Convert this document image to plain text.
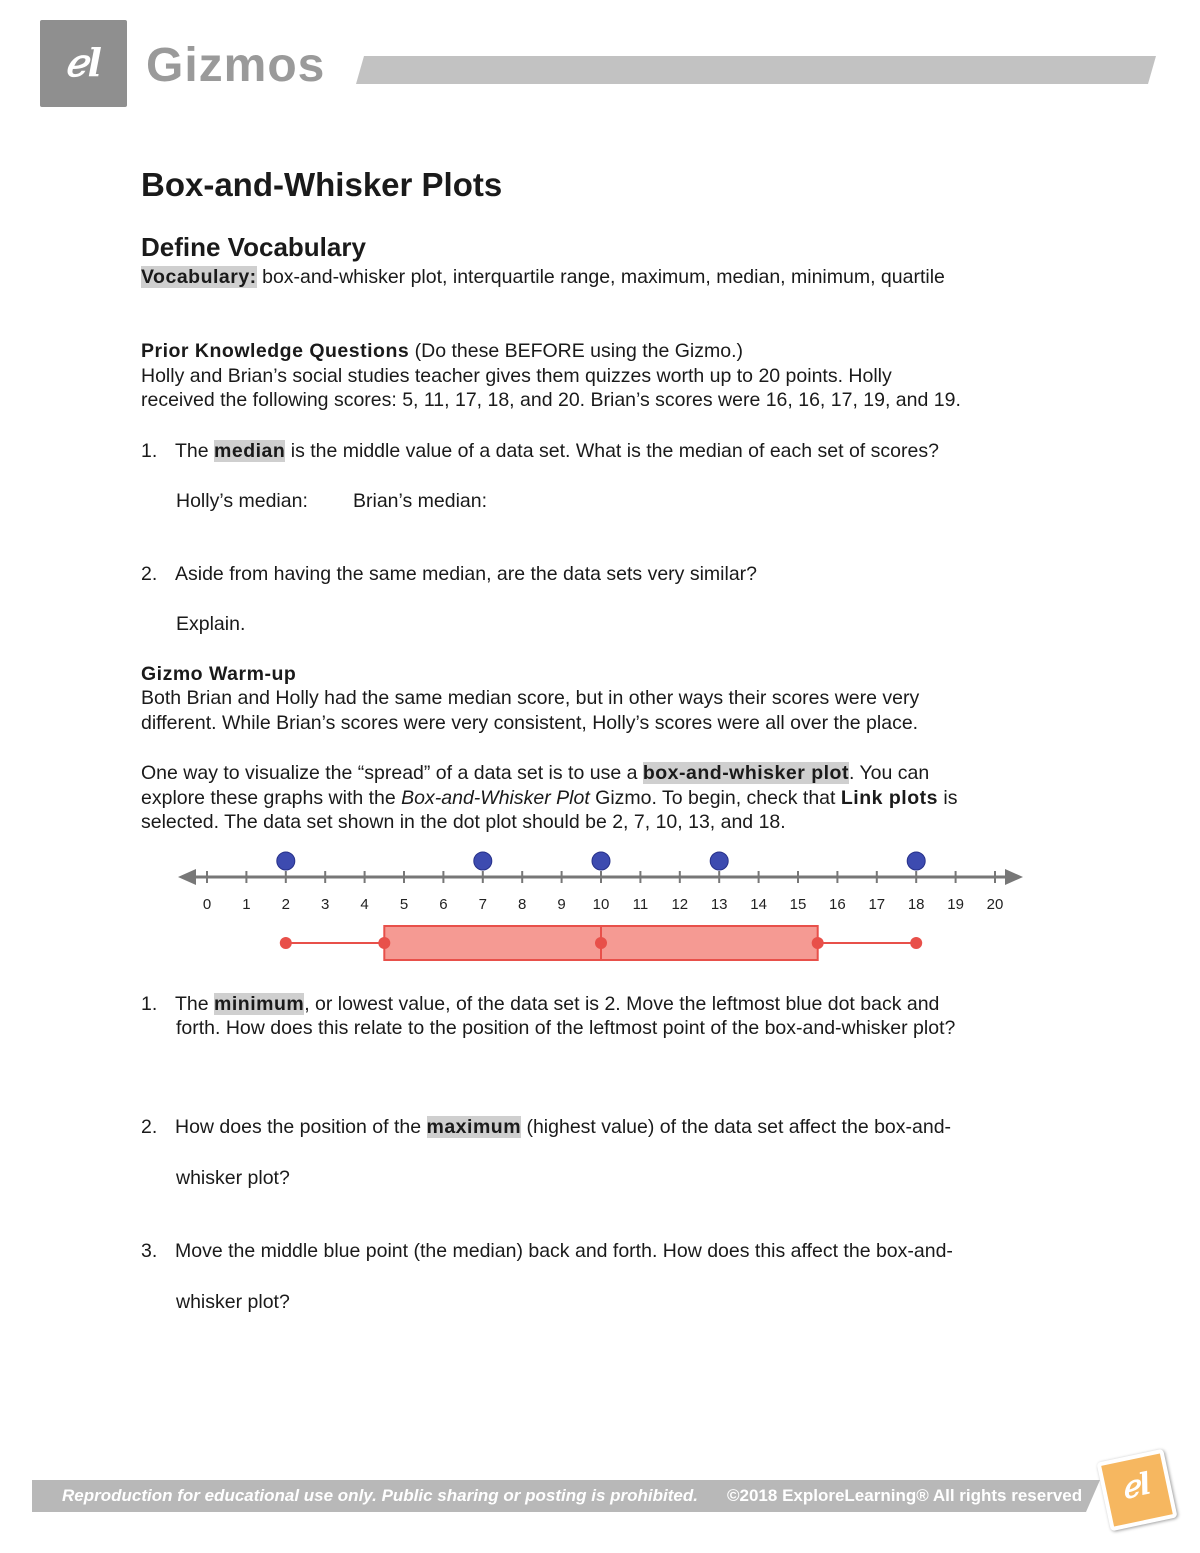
ℯl Gizmos
Box-and-Whisker Plots
Define Vocabulary
Vocabulary: box-and-whisker plot, interquartile range, maximum, median, minimum, quartile
Prior Knowledge Questions (Do these BEFORE using the Gizmo.)
Holly and Brian’s social studies teacher gives them quizzes worth up to 20 points. Holly
received the following scores: 5, 11, 17, 18, and 20. Brian’s scores were 16, 16, 17, 19, and 19.
1. The median is the middle value of a data set. What is the median of each set of scores?
Holly’s median: Brian’s median:
2. Aside from having the same median, are the data sets very similar?
Explain.
Gizmo Warm-up
Both Brian and Holly had the same median score, but in other ways their scores were very
different. While Brian’s scores were very consistent, Holly’s scores were all over the place.
One way to visualize the “spread” of a data set is to use a box-and-whisker plot. You can
explore these graphs with the Box-and-Whisker Plot Gizmo. To begin, check that Link plots is
selected. The data set shown in the dot plot should be 2, 7, 10, 13, and 18.
0 1 2 3 4 5 6 7 8 9 10 11 12 13 14 15 16 17 18 19 20
1. The minimum, or lowest value, of the data set is 2. Move the leftmost blue dot back and
forth. How does this relate to the position of the leftmost point of the box-and-whisker plot?
2. How does the position of the maximum (highest value) of the data set affect the box-and-
whisker plot?
3. Move the middle blue point (the median) back and forth. How does this affect the box-and-
whisker plot?
Reproduction for educational use only. Public sharing or posting is prohibited. ©2018 ExploreLearning® All rights reserved	ℯl
